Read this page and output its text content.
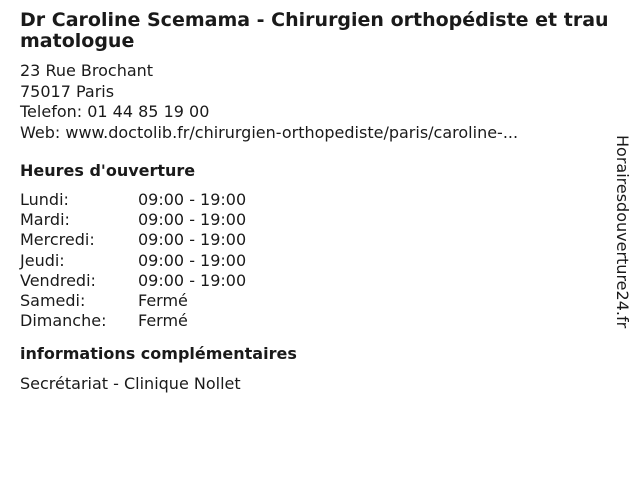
Dr Caroline Scemama - Chirurgien orthopédiste et traumatologue
23 Rue Brochant
75017 Paris
Telefon: 01 44 85 19 00
Web: www.doctolib.fr/chirurgien-orthopediste/paris/caroline-...
Heures d'ouverture
Lundi:	09:00 - 19:00
Mardi:	09:00 - 19:00
Mercredi:	09:00 - 19:00
Jeudi:	09:00 - 19:00
Vendredi:	09:00 - 19:00
Samedi:	Fermé
Dimanche:	Fermé
informations complémentaires
Secrétariat - Clinique Nollet
Horairesdouverture24.fr
